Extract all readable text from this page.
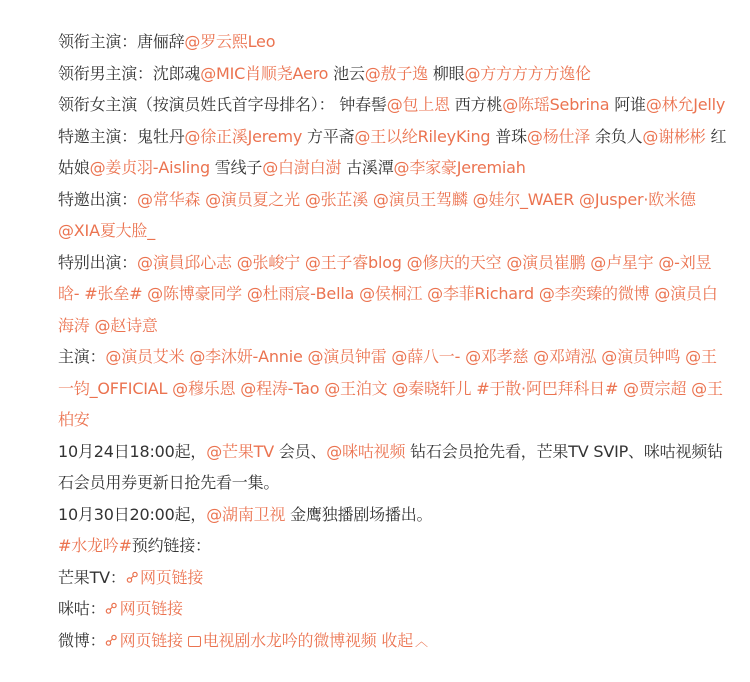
领衔主演：唐俪辞@罗云熙Leo
领衔男主演：沈郎魂@MIC肖顺尧Aero 池云@敖子逸 柳眼@方方方方方逸伦
领衔女主演（按演员姓氏首字母排名）： 钟春髻@包上恩 西方桃@陈瑶Sebrina 阿谁@林允Jelly
特邀主演：鬼牡丹@徐正溪Jeremy 方平斋@王以纶RileyKing 普珠@杨仕泽 余负人@谢彬彬 红姑娘@姜贞羽-Aisling 雪线子@白澍白澍 古溪潭@李家豪Jeremiah
特邀出演：@常华森 @演员夏之光 @张芷溪 @演员王驾麟 @娃尔_WAER @Jusper·欧米德 @XIA夏大脸_
特别出演：@演員邱心志 @张峻宁 @王子睿blog @修庆的天空 @演员崔鹏 @卢星宇 @-刘昱晗- #张垒# @陈博豪同学 @杜雨宸-Bella @侯桐江 @李菲Richard @李奕臻的微博 @演员白海涛 @赵诗意
主演：@演员艾米 @李沐妍-Annie @演员钟雷 @薛八一- @邓孝慈 @邓靖泓 @演员钟鸣 @王一钧_OFFICIAL @穆乐恩 @程涛-Tao @王泊文 @秦晓轩儿 #于散·阿巴拜科日# @贾宗超 @王柏安
10月24日18:00起，@芒果TV 会员、@咪咕视频 钻石会员抢先看，芒果TV SVIP、咪咕视频钻石会员用券更新日抢先看一集。
10月30日20:00起，@湖南卫视 金鹰独播剧场播出。
#水龙吟#预约链接：
芒果TV：⚯网页链接
咪咕：⚯网页链接
微博：⚯网页链接 电视剧水龙吟的微博视频 收起 ︿
